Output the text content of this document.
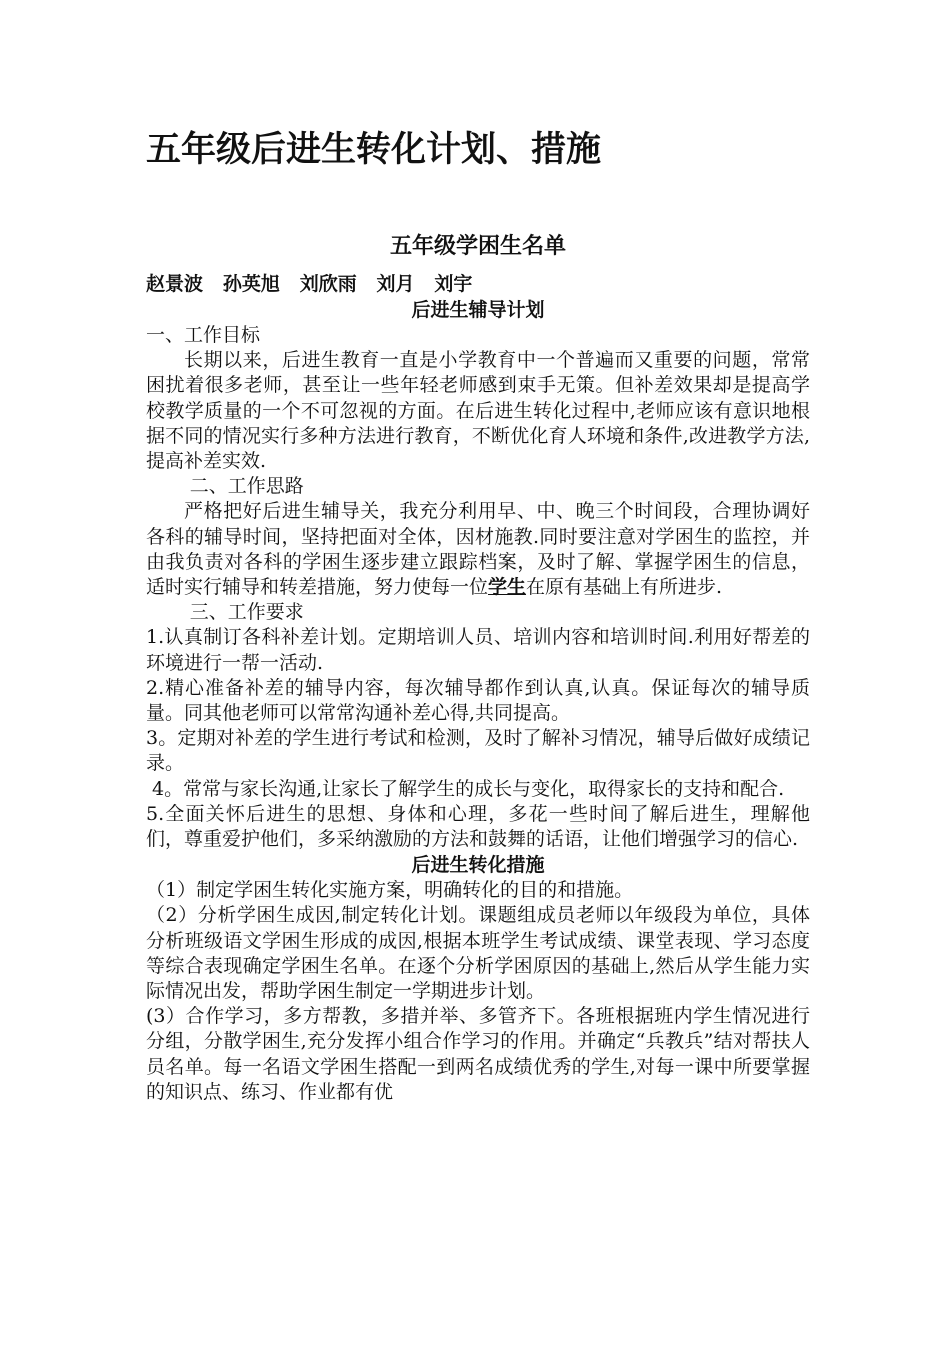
五年级后进生转化计划、措施

五年级学困生名单

赵景波   孙英旭   刘欣雨   刘月   刘宇

后进生辅导计划

一、工作目标

长期以来，后进生教育一直是小学教育中一个普遍而又重要的问题，常常困扰着很多老师，甚至让一些年轻老师感到束手无策。但补差效果却是提高学校教学质量的一个不可忽视的方面。在后进生转化过程中,老师应该有意识地根据不同的情况实行多种方法进行教育，不断优化育人环境和条件,改进教学方法,提高补差实效.

二、工作思路

严格把好后进生辅导关，我充分利用早、中、晚三个时间段，合理协调好各科的辅导时间，坚持把面对全体，因材施教.同时要注意对学困生的监控，并由我负责对各科的学困生逐步建立跟踪档案，及时了解、掌握学困生的信息，适时实行辅导和转差措施，努力使每一位学生在原有基础上有所进步.

三、工作要求

1.认真制订各科补差计划。定期培训人员、培训内容和培训时间.利用好帮差的环境进行一帮一活动.

2.精心准备补差的辅导内容，每次辅导都作到认真,认真。保证每次的辅导质量。同其他老师可以常常沟通补差心得,共同提高。

3。定期对补差的学生进行考试和检测，及时了解补习情况，辅导后做好成绩记录。

4。常常与家长沟通,让家长了解学生的成长与变化，取得家长的支持和配合.

5.全面关怀后进生的思想、身体和心理，多花一些时间了解后进生，理解他们，尊重爱护他们，多采纳激励的方法和鼓舞的话语，让他们增强学习的信心.

后进生转化措施

（1）制定学困生转化实施方案，明确转化的目的和措施。

（2）分析学困生成因,制定转化计划。课题组成员老师以年级段为单位，具体分析班级语文学困生形成的成因,根据本班学生考试成绩、课堂表现、学习态度等综合表现确定学困生名单。在逐个分析学困原因的基础上,然后从学生能力实际情况出发，帮助学困生制定一学期进步计划。

(3）合作学习，多方帮教，多措并举、多管齐下。各班根据班内学生情况进行分组，分散学困生,充分发挥小组合作学习的作用。并确定“兵教兵”结对帮扶人员名单。每一名语文学困生搭配一到两名成绩优秀的学生,对每一课中所要掌握的知识点、练习、作业都有优
